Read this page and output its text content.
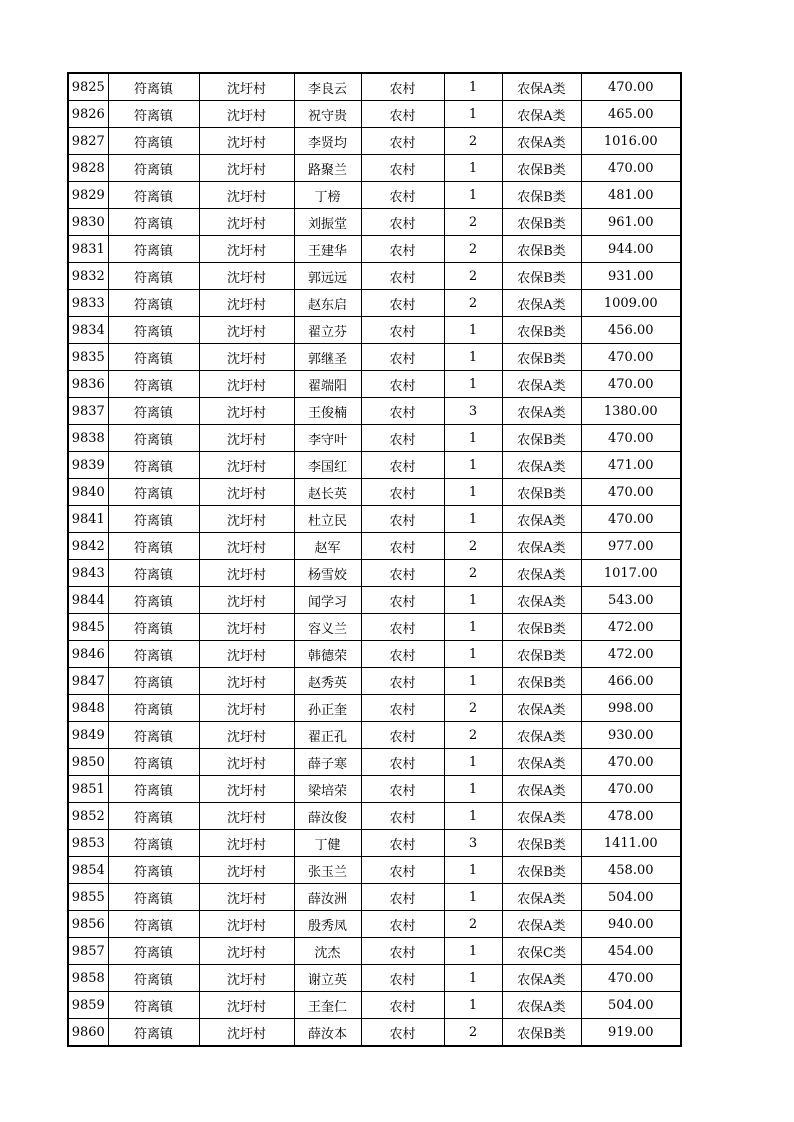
9825	符离镇	沈圩村	李良云	农村	1	农保A类	470.00
9826	符离镇	沈圩村	祝守贵	农村	1	农保A类	465.00
9827	符离镇	沈圩村	李贤均	农村	2	农保A类	1016.00
9828	符离镇	沈圩村	路聚兰	农村	1	农保B类	470.00
9829	符离镇	沈圩村	丁榜	农村	1	农保B类	481.00
9830	符离镇	沈圩村	刘振堂	农村	2	农保B类	961.00
9831	符离镇	沈圩村	王建华	农村	2	农保B类	944.00
9832	符离镇	沈圩村	郭远远	农村	2	农保B类	931.00
9833	符离镇	沈圩村	赵东启	农村	2	农保A类	1009.00
9834	符离镇	沈圩村	翟立芬	农村	1	农保B类	456.00
9835	符离镇	沈圩村	郭继圣	农村	1	农保B类	470.00
9836	符离镇	沈圩村	翟端阳	农村	1	农保A类	470.00
9837	符离镇	沈圩村	王俊楠	农村	3	农保A类	1380.00
9838	符离镇	沈圩村	李守叶	农村	1	农保B类	470.00
9839	符离镇	沈圩村	李国红	农村	1	农保A类	471.00
9840	符离镇	沈圩村	赵长英	农村	1	农保B类	470.00
9841	符离镇	沈圩村	杜立民	农村	1	农保A类	470.00
9842	符离镇	沈圩村	赵军	农村	2	农保A类	977.00
9843	符离镇	沈圩村	杨雪姣	农村	2	农保A类	1017.00
9844	符离镇	沈圩村	闻学习	农村	1	农保A类	543.00
9845	符离镇	沈圩村	容义兰	农村	1	农保B类	472.00
9846	符离镇	沈圩村	韩德荣	农村	1	农保B类	472.00
9847	符离镇	沈圩村	赵秀英	农村	1	农保B类	466.00
9848	符离镇	沈圩村	孙正奎	农村	2	农保A类	998.00
9849	符离镇	沈圩村	翟正孔	农村	2	农保A类	930.00
9850	符离镇	沈圩村	薛子寒	农村	1	农保A类	470.00
9851	符离镇	沈圩村	梁培荣	农村	1	农保A类	470.00
9852	符离镇	沈圩村	薛汝俊	农村	1	农保A类	478.00
9853	符离镇	沈圩村	丁健	农村	3	农保B类	1411.00
9854	符离镇	沈圩村	张玉兰	农村	1	农保B类	458.00
9855	符离镇	沈圩村	薛汝洲	农村	1	农保A类	504.00
9856	符离镇	沈圩村	殷秀凤	农村	2	农保A类	940.00
9857	符离镇	沈圩村	沈杰	农村	1	农保C类	454.00
9858	符离镇	沈圩村	谢立英	农村	1	农保A类	470.00
9859	符离镇	沈圩村	王奎仁	农村	1	农保A类	504.00
9860	符离镇	沈圩村	薛汝本	农村	2	农保B类	919.00
